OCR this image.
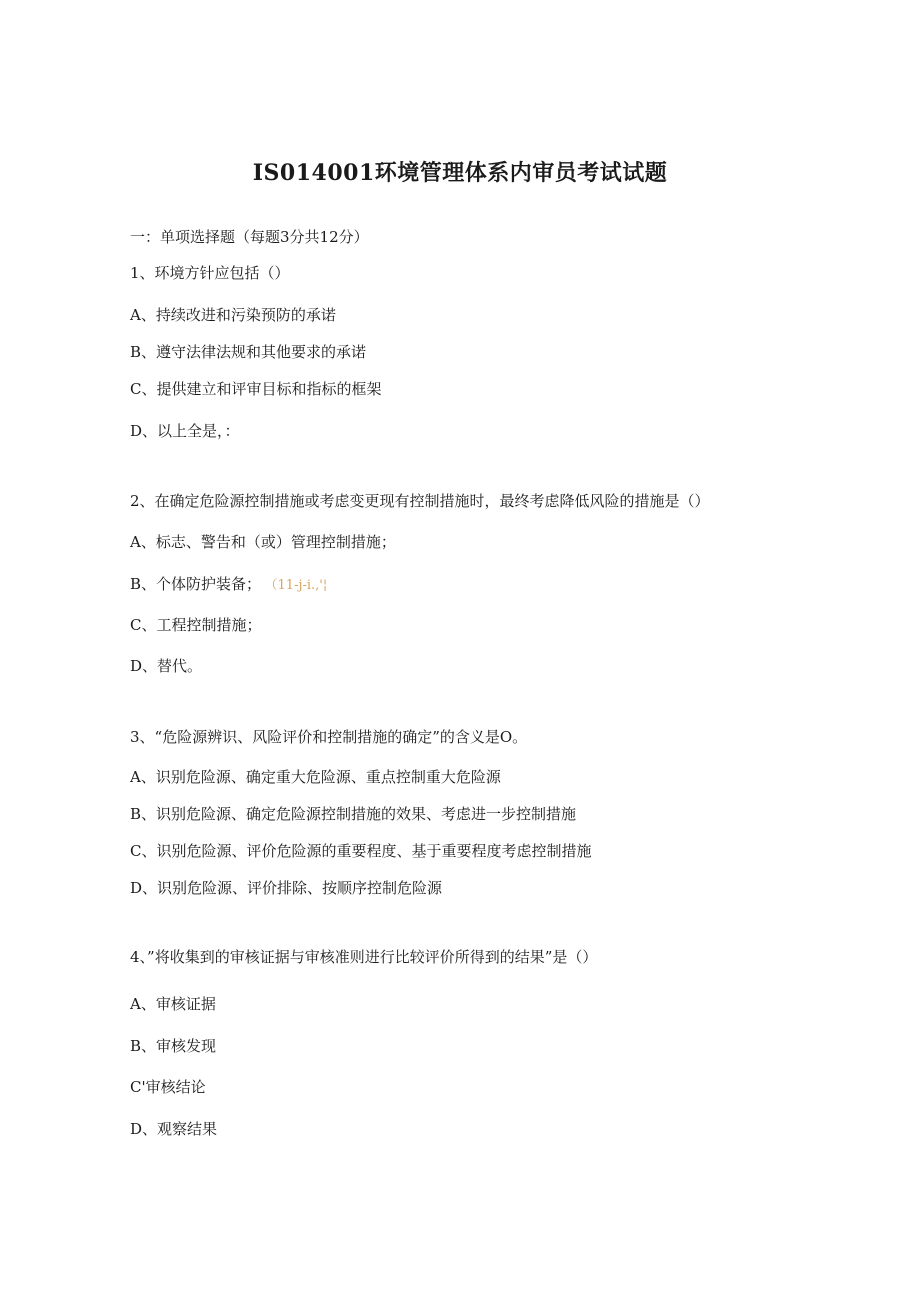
IS014001环境管理体系内审员考试试题
一：单项选择题（每题3分共12分）
1、环境方针应包括（）
A、持续改进和污染预防的承诺
B、遵守法律法规和其他要求的承诺
C、提供建立和评审目标和指标的框架
D、以上全是，：
2、在确定危险源控制措施或考虑变更现有控制措施时，最终考虑降低风险的措施是（）
A、标志、警告和（或）管理控制措施；
B、个体防护装备； （11-j-i.,'¦
C、工程控制措施；
D、替代。
3、“危险源辨识、风险评价和控制措施的确定”的含义是O。
A、识别危险源、确定重大危险源、重点控制重大危险源
B、识别危险源、确定危险源控制措施的效果、考虑进一步控制措施
C、识别危险源、评价危险源的重要程度、基于重要程度考虑控制措施
D、识别危险源、评价排除、按顺序控制危险源
4、”将收集到的审核证据与审核准则进行比较评价所得到的结果”是（）
A、审核证据
B、审核发现
C'审核结论
D、观察结果
